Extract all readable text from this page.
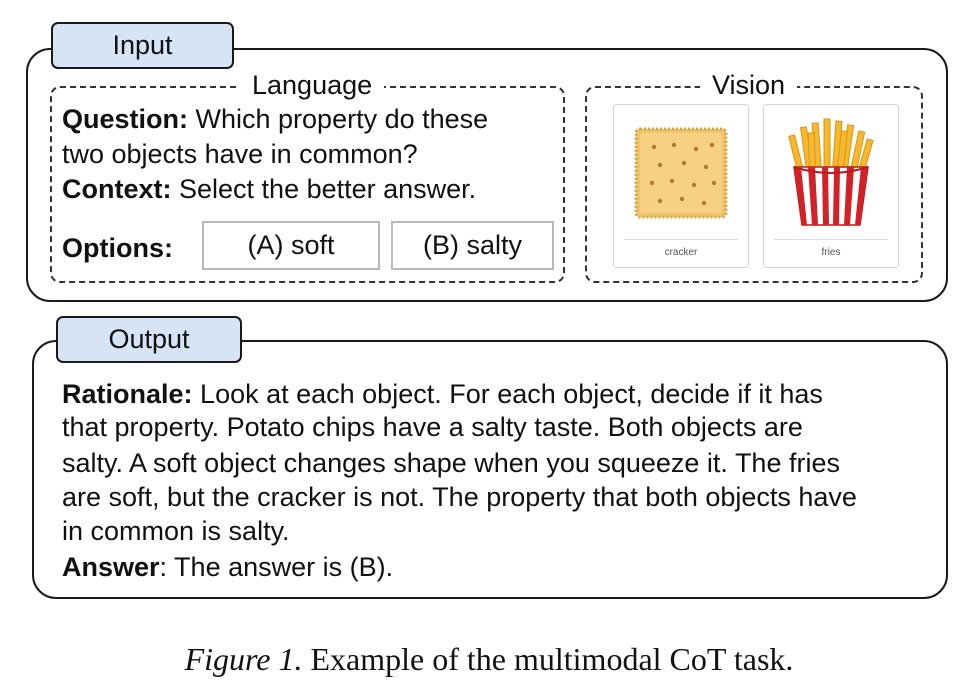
Input
Language
Question: Which property do these
two objects have in common?
Context: Select the better answer.
Options:	(A) soft	(B) salty
Vision
cracker	fries
Output
Rationale: Look at each object. For each object, decide if it has
that property. Potato chips have a salty taste. Both objects are
salty. A soft object changes shape when you squeeze it. The fries
are soft, but the cracker is not. The property that both objects have
in common is salty.
Answer: The answer is (B).
Figure 1. Example of the multimodal CoT task.
